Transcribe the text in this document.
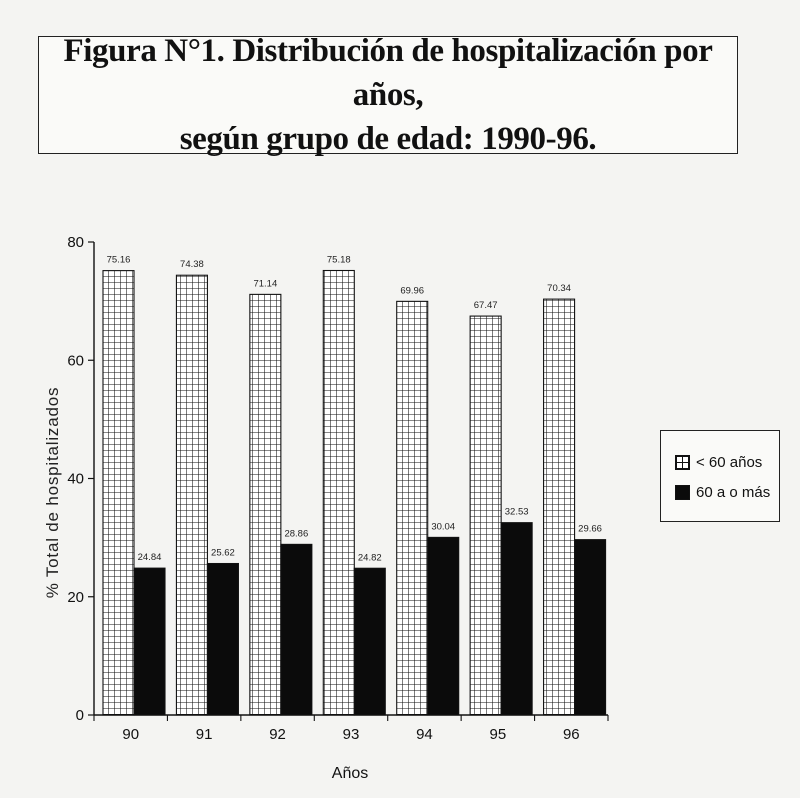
Figura N°1. Distribución de hospitalización por años,
según grupo de edad: 1990-96.
0
20
40
60
80
% Total de hospitalizados
75.16
24.84
90
74.38
25.62
91
71.14
28.86
92
75.18
24.82
93
69.96
30.04
94
67.47
32.53
95
70.34
29.66
96
Años
< 60 años
60 a o más
